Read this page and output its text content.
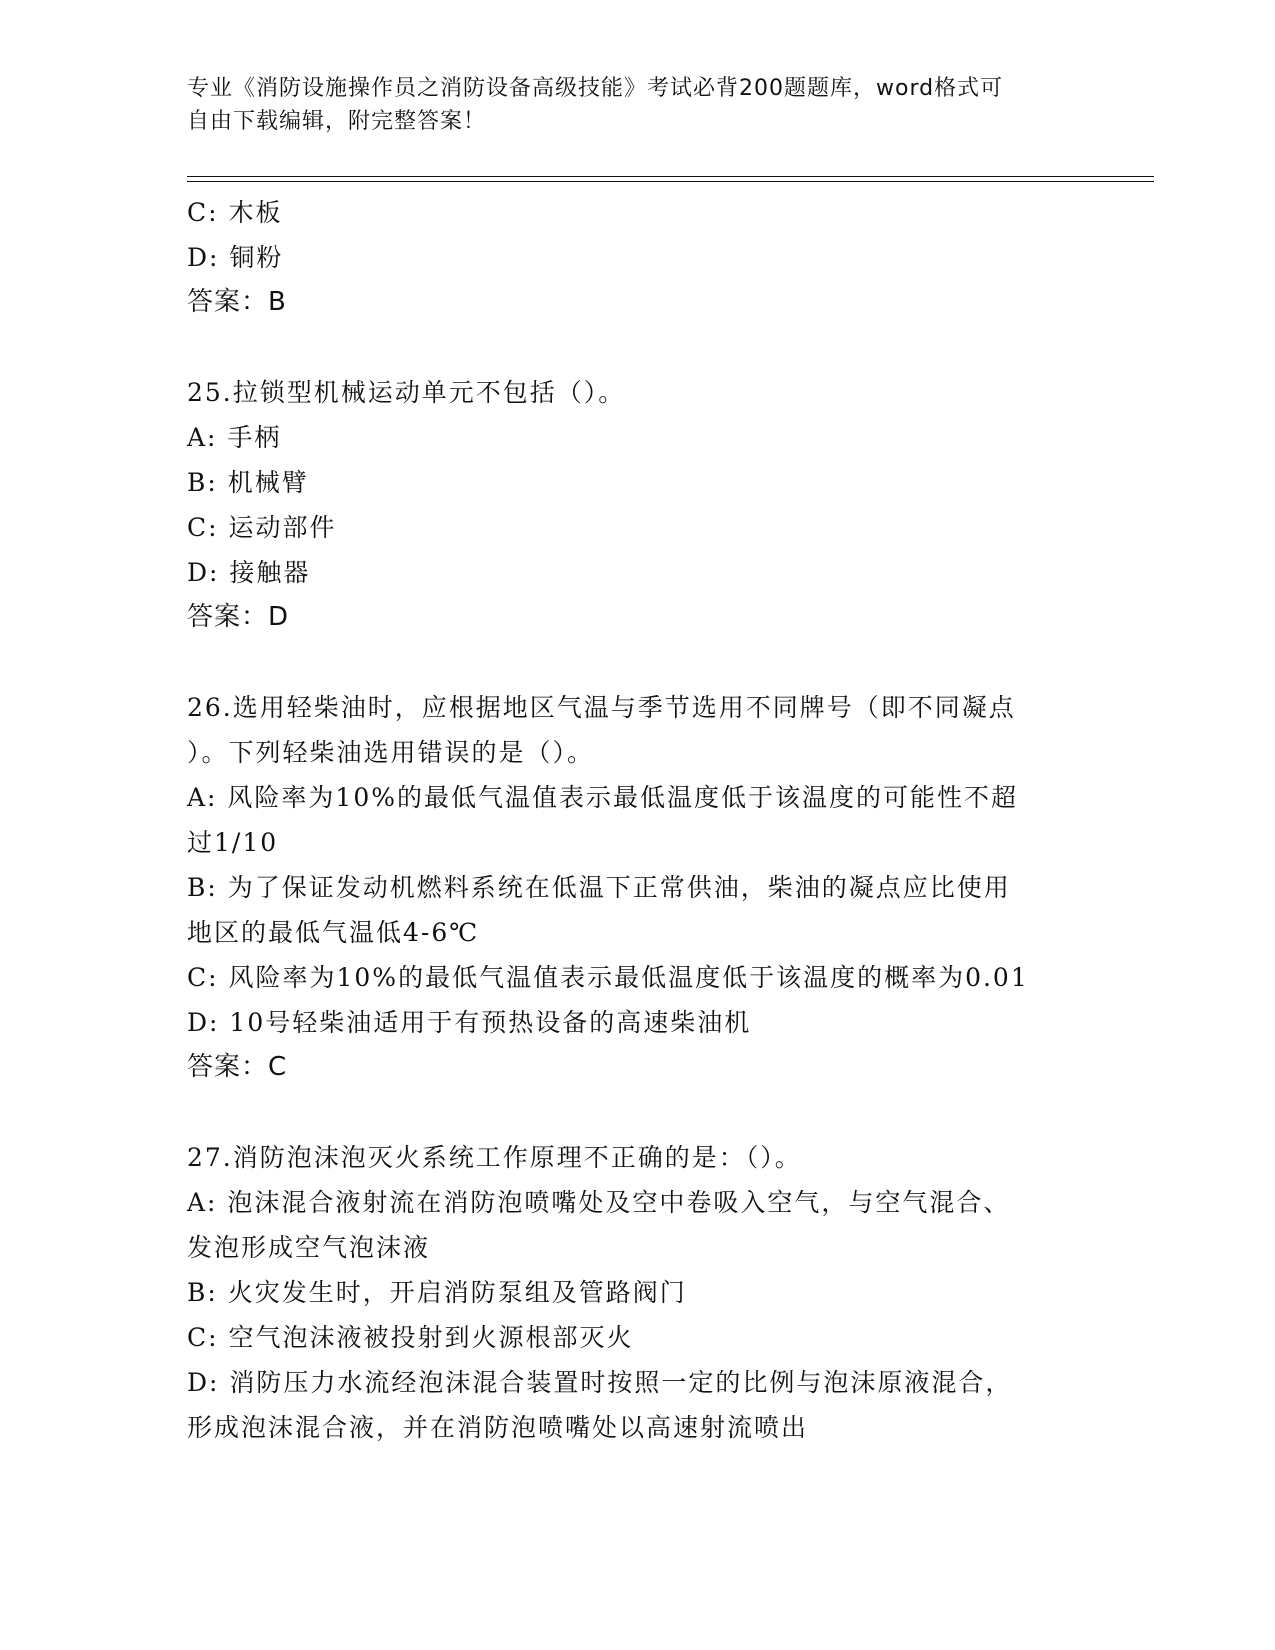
专业《消防设施操作员之消防设备高级技能》考试必背200题题库，word格式可
自由下载编辑，附完整答案！
C: 木板
D: 铜粉
答案：B
25.拉锁型机械运动单元不包括（）。
A: 手柄
B: 机械臂
C: 运动部件
D: 接触器
答案：D
26.选用轻柴油时，应根据地区气温与季节选用不同牌号（即不同凝点
）。下列轻柴油选用错误的是（）。
A: 风险率为10%的最低气温值表示最低温度低于该温度的可能性不超
过1/10
B: 为了保证发动机燃料系统在低温下正常供油，柴油的凝点应比使用
地区的最低气温低4-6℃
C: 风险率为10%的最低气温值表示最低温度低于该温度的概率为0.01
D: 10号轻柴油适用于有预热设备的高速柴油机
答案：C
27.消防泡沫泡灭火系统工作原理不正确的是：（）。
A: 泡沫混合液射流在消防泡喷嘴处及空中卷吸入空气，与空气混合、
发泡形成空气泡沫液
B: 火灾发生时，开启消防泵组及管路阀门
C: 空气泡沫液被投射到火源根部灭火
D: 消防压力水流经泡沫混合装置时按照一定的比例与泡沫原液混合，
形成泡沫混合液，并在消防泡喷嘴处以高速射流喷出
